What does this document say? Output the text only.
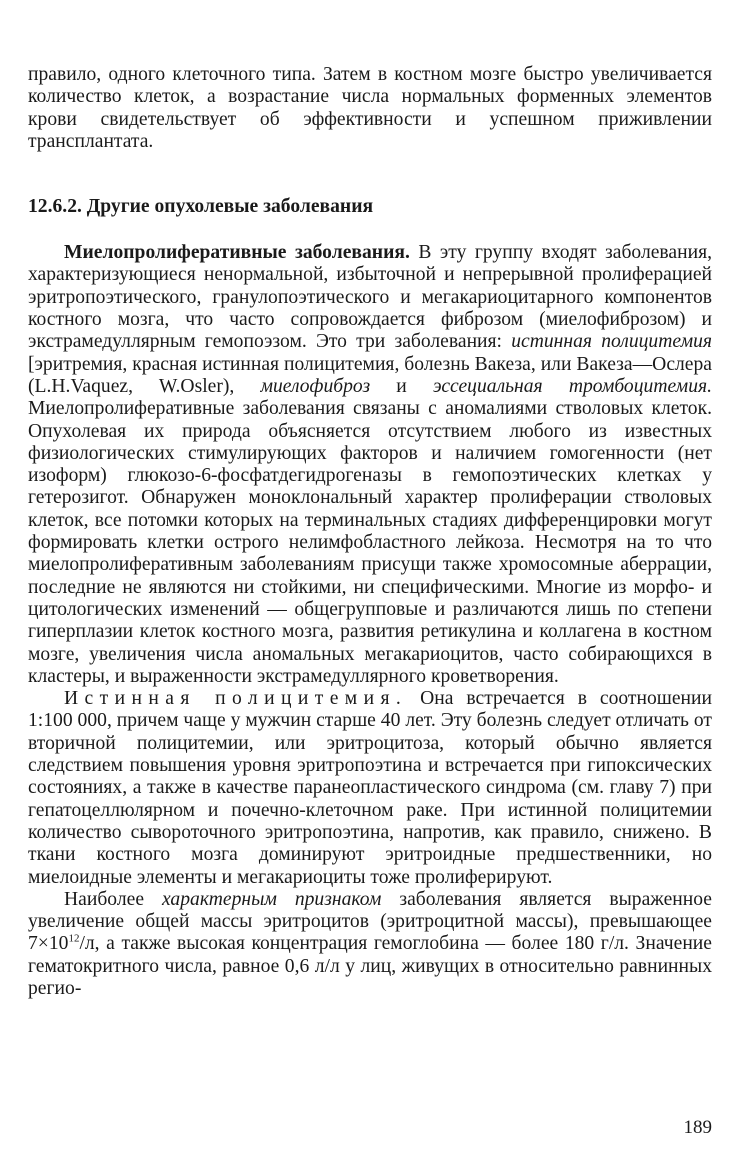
правило, одного клеточного типа. Затем в костном мозге быстро увеличивается количество клеток, а возрастание числа нормальных форменных элементов крови свидетельствует об эффективности и успешном приживлении трансплантата.

12.6.2. Другие опухолевые заболевания

Миелопролиферативные заболевания. В эту группу входят заболевания, характеризующиеся ненормальной, избыточной и непрерывной пролиферацией эритропоэтического, гранулопоэтического и мегакариоцитарного компонентов костного мозга, что часто сопровождается фиброзом (миелофиброзом) и экстрамедуллярным гемопоэзом. Это три заболевания: истинная полицитемия [эритремия, красная истинная полицитемия, болезнь Вакеза, или Вакеза—Ослера (L.H.Vaquez, W.Osler), миелофиброз и эссециальная тромбоцитемия. Миелопролиферативные заболевания связаны с аномалиями стволовых клеток. Опухолевая их природа объясняется отсутствием любого из известных физиологических стимулирующих факторов и наличием гомогенности (нет изоформ) глюкозо-6-фосфатдегидрогеназы в гемопоэтических клетках у гетерозигот. Обнаружен моноклональный характер пролиферации стволовых клеток, все потомки которых на терминальных стадиях дифференцировки могут формировать клетки острого нелимфобластного лейкоза. Несмотря на то что миелопролиферативным заболеваниям присущи также хромосомные аберрации, последние не являются ни стойкими, ни специфическими. Многие из морфо- и цитологических изменений — общегрупповые и различаются лишь по степени гиперплазии клеток костного мозга, развития ретикулина и коллагена в костном мозге, увеличения числа аномальных мегакариоцитов, часто собирающихся в кластеры, и выраженности экстрамедуллярного кроветворения.

Истинная полицитемия. Она встречается в соотношении 1:100 000, причем чаще у мужчин старше 40 лет. Эту болезнь следует отличать от вторичной полицитемии, или эритроцитоза, который обычно является следствием повышения уровня эритропоэтина и встречается при гипоксических состояниях, а также в качестве паранеопластического синдрома (см. главу 7) при гепатоцеллюлярном и почечно-клеточном раке. При истинной полицитемии количество сывороточного эритропоэтина, напротив, как правило, снижено. В ткани костного мозга доминируют эритроидные предшественники, но миелоидные элементы и мегакариоциты тоже пролиферируют.

Наиболее характерным признаком заболевания является выраженное увеличение общей массы эритроцитов (эритроцитной массы), превышающее $7\times 10^{12}/л$, а также высокая концентрация гемоглобина — более 180 г/л. Значение гематокритного числа, равное 0,6 л/л у лиц, живущих в относительно равнинных регио-

189
